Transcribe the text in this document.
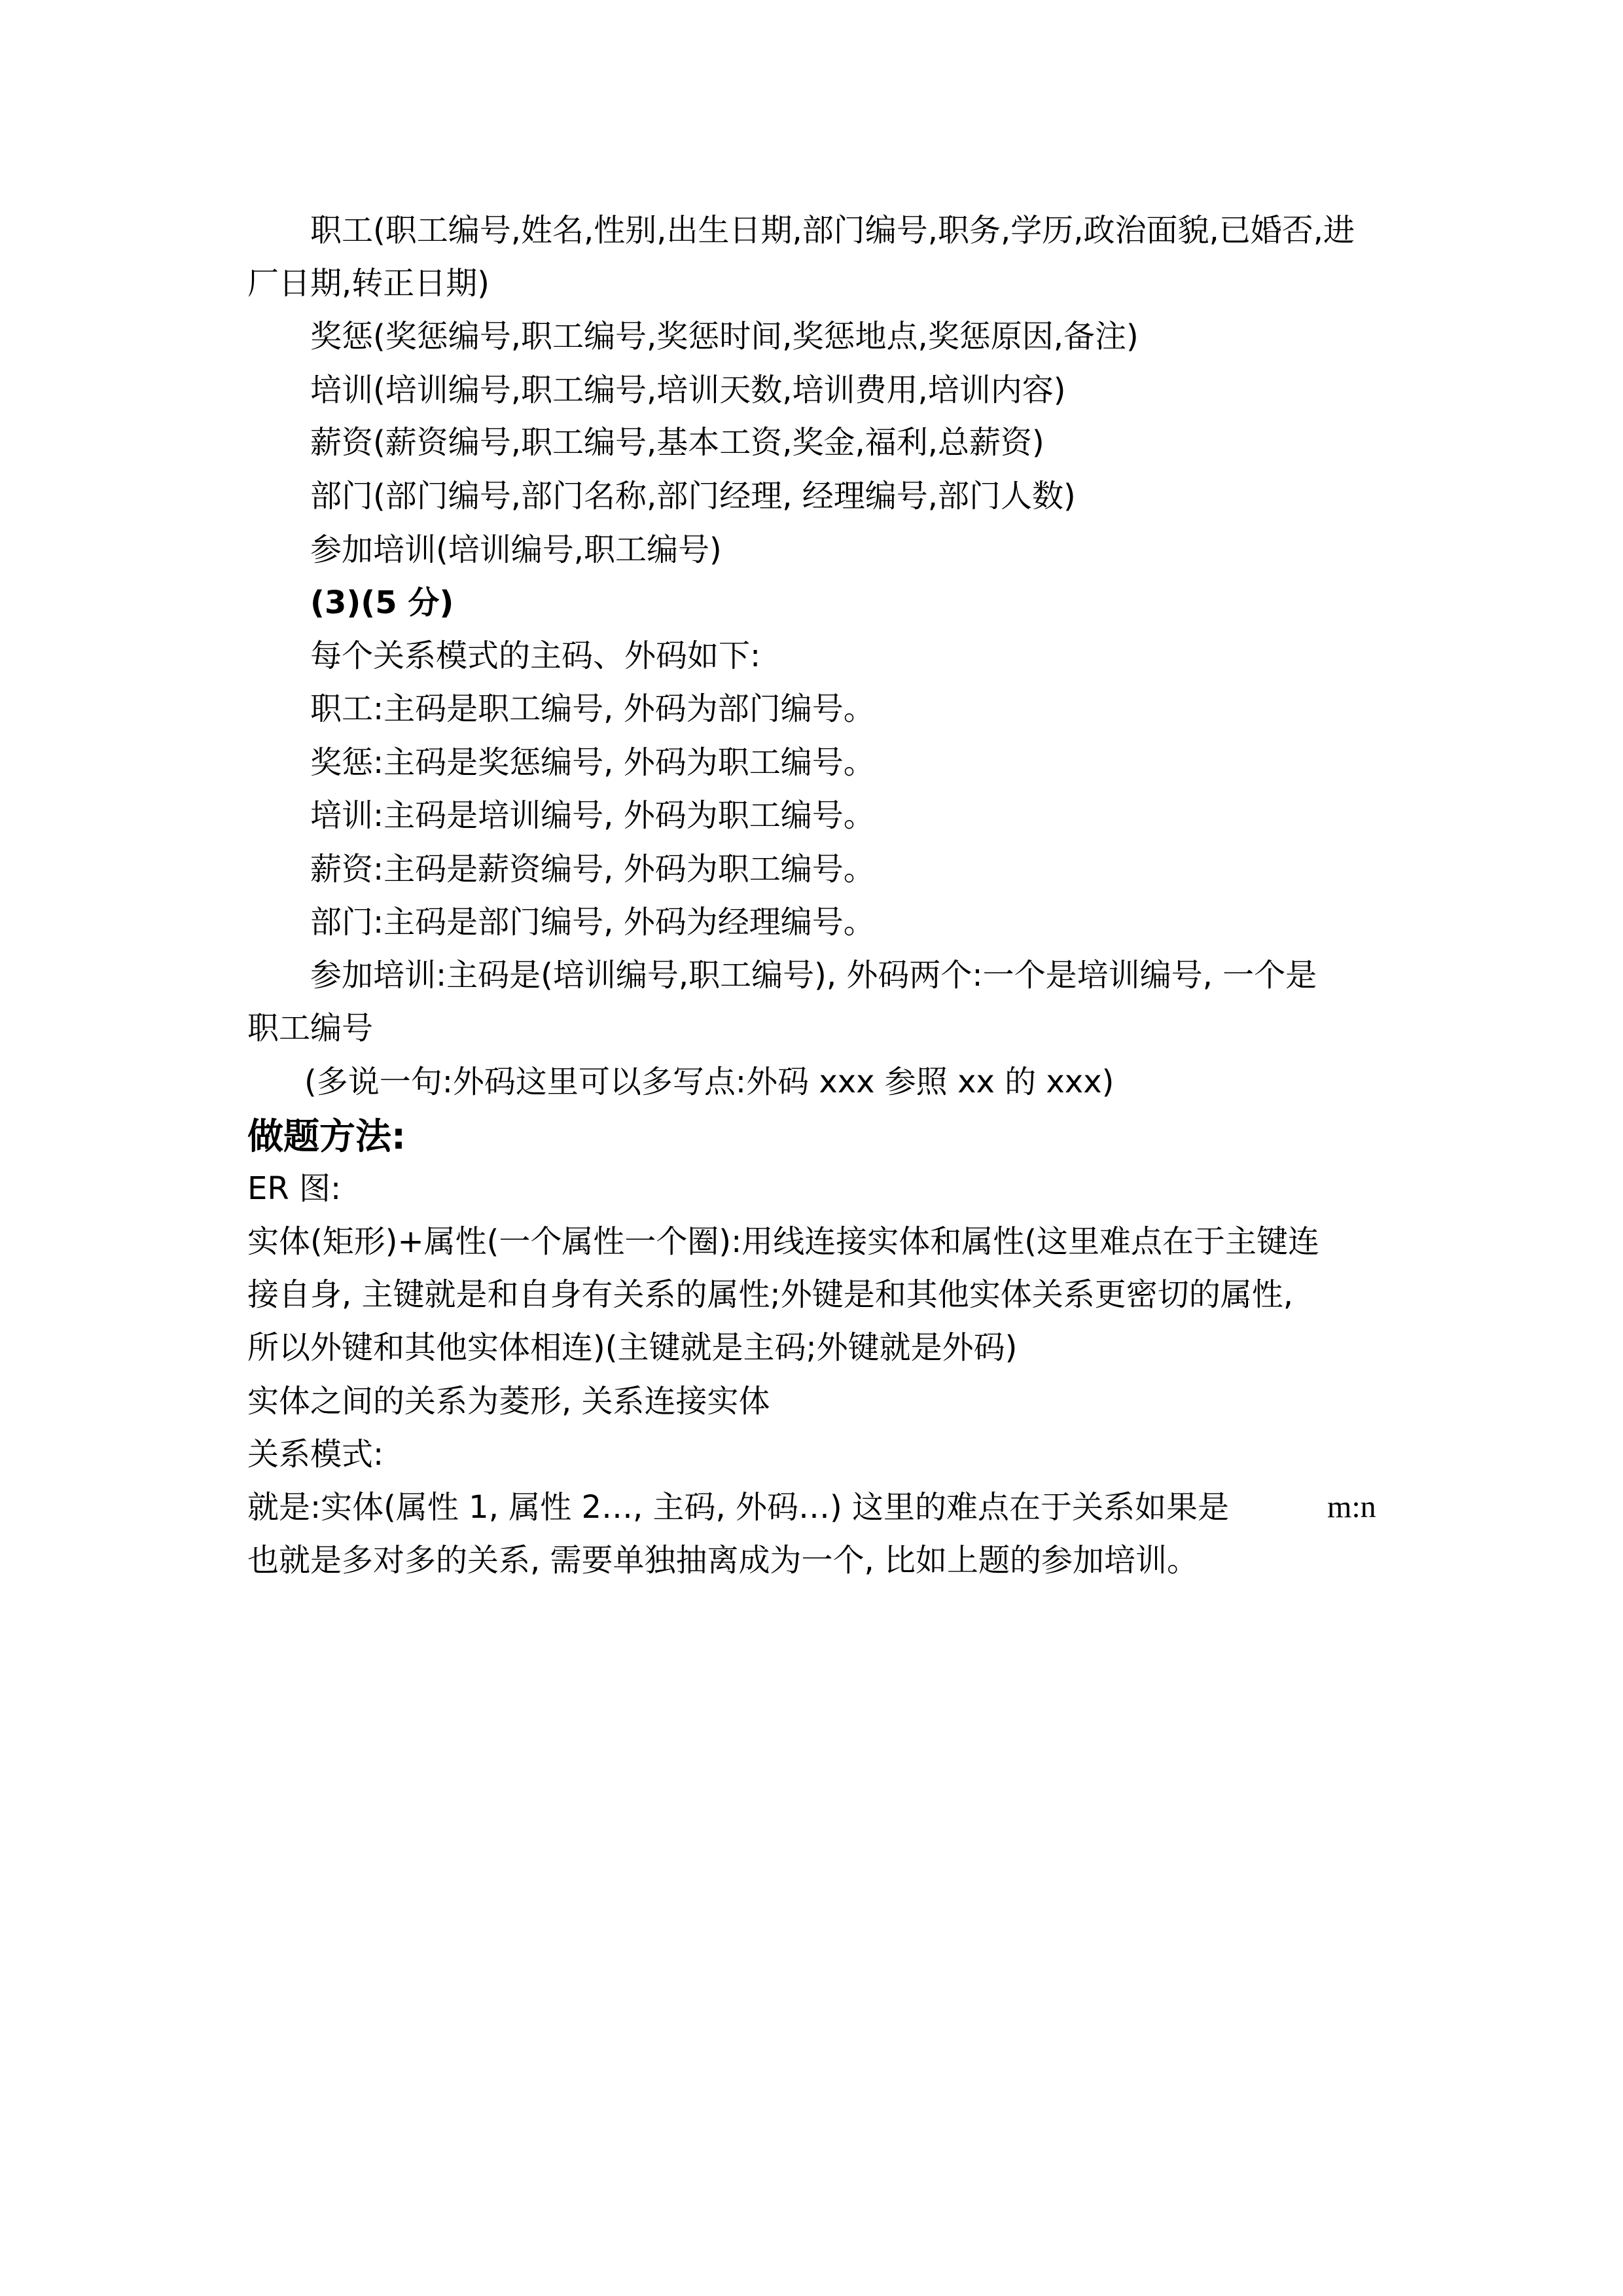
职工(职工编号,姓名,性别,出生日期,部门编号,职务,学历,政治面貌,已婚否,进
厂日期,转正日期)
奖惩(奖惩编号,职工编号,奖惩时间,奖惩地点,奖惩原因,备注)
培训(培训编号,职工编号,培训天数,培训费用,培训内容)
薪资(薪资编号,职工编号,基本工资,奖金,福利,总薪资)
部门(部门编号,部门名称,部门经理, 经理编号,部门人数)
参加培训(培训编号,职工编号)
(3)(5 分)
每个关系模式的主码、外码如下:
职工:主码是职工编号, 外码为部门编号。
奖惩:主码是奖惩编号, 外码为职工编号。
培训:主码是培训编号, 外码为职工编号。
薪资:主码是薪资编号, 外码为职工编号。
部门:主码是部门编号, 外码为经理编号。
参加培训:主码是(培训编号,职工编号), 外码两个:一个是培训编号, 一个是
职工编号
(多说一句:外码这里可以多写点:外码 xxx 参照 xx 的 xxx)
做题方法:
ER 图:
实体(矩形)+属性(一个属性一个圈):用线连接实体和属性(这里难点在于主键连
接自身, 主键就是和自身有关系的属性;外键是和其他实体关系更密切的属性,
所以外键和其他实体相连)(主键就是主码;外键就是外码)
实体之间的关系为菱形, 关系连接实体
关系模式:
就是:实体(属性 1, 属性 2…, 主码, 外码…) 这里的难点在于关系如果是	m:n
也就是多对多的关系, 需要单独抽离成为一个, 比如上题的参加培训。
